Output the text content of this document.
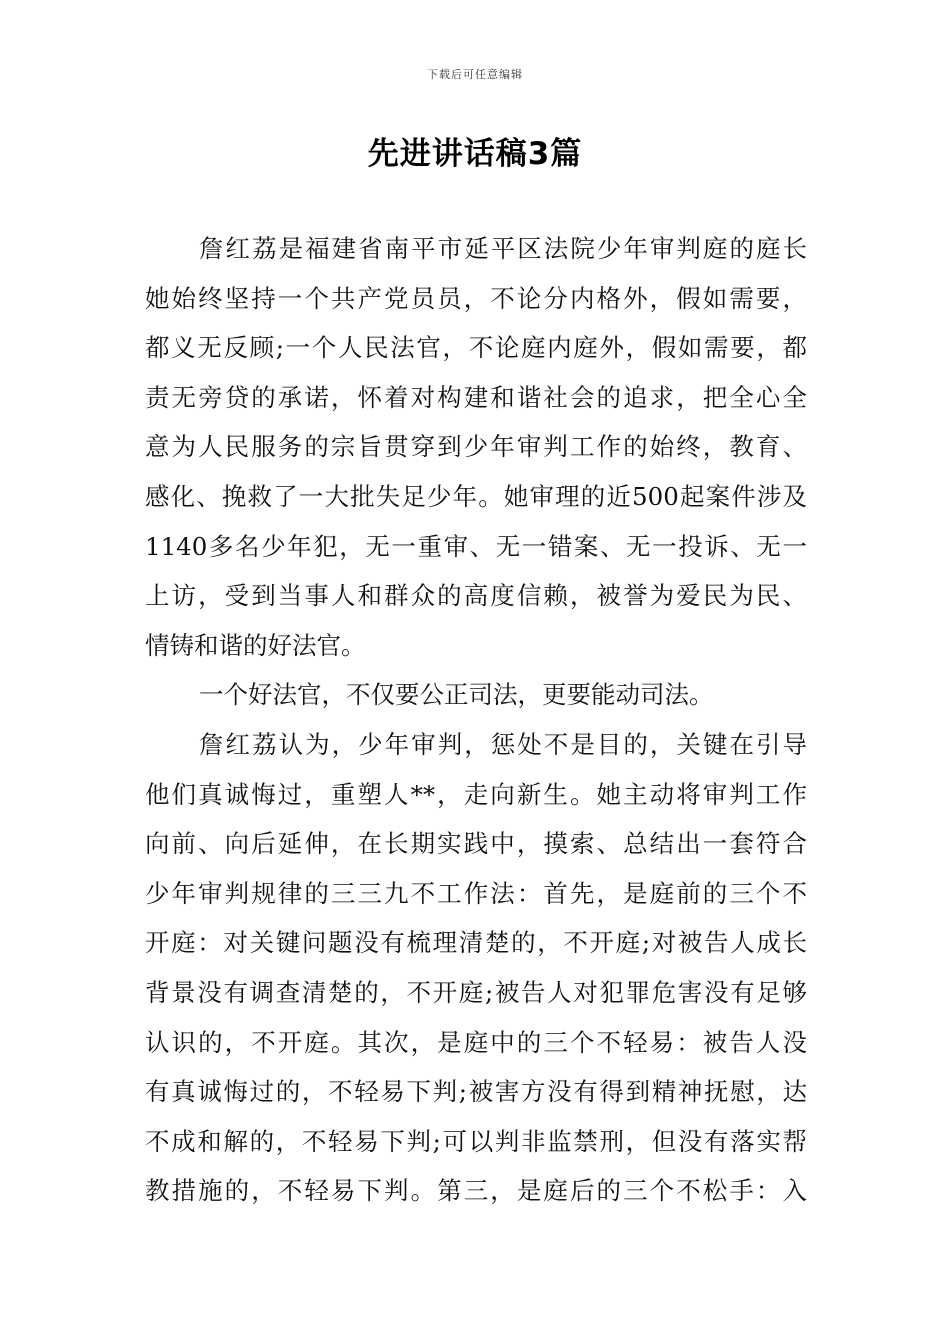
下载后可任意编辑
先进讲话稿3篇
詹红荔是福建省南平市延平区法院少年审判庭的庭长
她始终坚持一个共产党员员，不论分内格外，假如需要，
都义无反顾;一个人民法官，不论庭内庭外，假如需要，都
责无旁贷的承诺，怀着对构建和谐社会的追求，把全心全
意为人民服务的宗旨贯穿到少年审判工作的始终，教育、
感化、挽救了一大批失足少年。她审理的近500起案件涉及
1140多名少年犯，无一重审、无一错案、无一投诉、无一
上访，受到当事人和群众的高度信赖，被誉为爱民为民、
情铸和谐的好法官。
一个好法官，不仅要公正司法，更要能动司法。
詹红荔认为，少年审判，惩处不是目的，关键在引导
他们真诚悔过，重塑人**，走向新生。她主动将审判工作
向前、向后延伸，在长期实践中，摸索、总结出一套符合
少年审判规律的三三九不工作法：首先，是庭前的三个不
开庭：对关键问题没有梳理清楚的，不开庭;对被告人成长
背景没有调查清楚的，不开庭;被告人对犯罪危害没有足够
认识的，不开庭。其次，是庭中的三个不轻易：被告人没
有真诚悔过的，不轻易下判;被害方没有得到精神抚慰，达
不成和解的，不轻易下判;可以判非监禁刑，但没有落实帮
教措施的，不轻易下判。第三，是庭后的三个不松手：入
